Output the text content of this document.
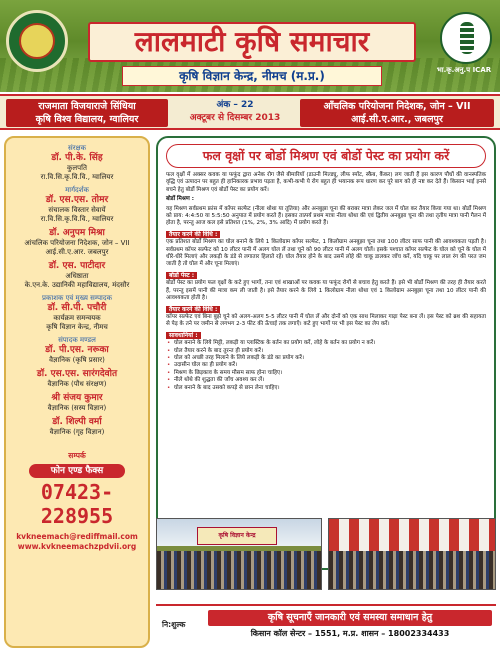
लालमाटी कृषि समाचार
कृषि विज्ञान केन्द्र, नीमच (म.प्र.)	भा.कृ.अनु.प ICAR
राजमाता विजयाराजे सिंधिया
कृषि विश्व विद्यालय, ग्वालियर
अंक – 22
अक्टूबर से दिसम्बर 2013
आँचलिक परियोजना निदेशक, जोन – VII
आई.सी.ए.आर., जबलपुर
संरक्षक
डॉ. पी.के. सिंह
कुलपति
रा.वि.सि.कृ.वि.वि., ग्वालियर
मार्गदर्शक
डॉ. एस.एस. तोमर
संचालक विस्तार सेवायें
रा.वि.सि.कृ.वि.वि., ग्वालियर
डॉ. अनुपम मिश्रा
आंचलिक परियोजना निदेशक, जोन – VII
आई.सी.ए.आर. जबलपुर
डॉ. एस. पाटीदार
अधिष्ठाता
के.एन.के. उद्यानिकी महाविद्यालय, मंदसौर
प्रकाशक एवं मुख्य सम्पादक
डॉ. सी.पी. पचौरी
कार्यक्रम समन्वयक
कृषि विज्ञान केन्द्र, नीमच
संपादक मण्डल
डॉ. पी.एस. नरूका
वैज्ञानिक (कृषि प्रसार)
डॉ. एस.एस. सारंगदेवोत
वैज्ञानिक (पौध संरक्षण)
श्री संजय कुमार
वैज्ञानिक (सस्य विज्ञान)
डॉ. शिल्पी वर्मा
वैज्ञानिक (गृह विज्ञान)
सम्पर्क
फोन एण्ड फैक्स
07423-228955
kvkneemach@rediffmail.com
www.kvkneemachzpdvii.org
फल वृक्षों पर बोर्डो मिश्रण एवं बोर्डो पेस्ट का प्रयोग करें

फल वृक्षों में अक्सर कवक या फफूंद द्वारा अनेक रोग जैसे बीमारियाँ (डाउनी मिल्ड्यू, लीफ स्पॉट, स्कैब, कैंकर) लग जाती हैं इस कारण पौधों की वानस्पतिक वृद्धि एवं उत्पादन पर बहुत ही हानिकारक प्रभाव पड़ता है, कभी-कभी ये रोग बहुत ही भयानक रूप धारण कर पूरे बाग को ही नष्ट कर देते हैं। किसान भाई इनसे बचने हेतु बोर्डो मिश्रण एवं बोर्डो पेस्ट का प्रयोग करें।

बोर्डो मिश्रण :

यह मिश्रण सर्वप्रथम फ्रांस में कॉपर सल्फेट (नीला थोथा या तूतिया) और अनबुझा चूना की बराबर मात्रा लेकर जल में घोल कर तैयार किया गया था। बोर्डो मिश्रण को प्राय: 4:4:50 या 5:5:50 अनुपात में प्रयोग करते हैं। इसका तात्पर्य प्रथम मात्रा नीला थोथा की एवं द्वितीय अनबुझा चूना की तथा तृतीय मात्रा पानी गैलन में होता है, परन्तु आज कल इसे प्रतिशत (1%, 2%, 3% आदि) में प्रयोग करते हैं।

तैयार करने की विधि :

एक प्रतिशत बोर्डो मिश्रण का घोल बनाने के लिये 1 किलोग्राम कॉपर सल्फेट, 1 किलोग्राम अनबुझा चूना तथा 100 लीटर साफ पानी की आवश्यकता पड़ती है। सर्वप्रथम कॉपर सल्फेट को 10 लीटर पानी में अलग घोल लें तथा चूने को 90 लीटर पानी में अलग घोलें। इसके पश्चात कॉपर सल्फेट के घोल को चूने के घोल में धीरे-धीरे मिलाएं और लकड़ी के डंडे से लगातार हिलाते रहें। घोल तैयार होने के बाद उसमें लोहे की चाकू डालकर जाँच करें, यदि चाकू पर लाल रंग की परत जम जाती है तो घोल में और चूना मिलाएं।

बोर्डो पेस्ट :

बोर्डो पेस्ट का प्रयोग फल वृक्षों के कटे हुए भागों, तना एवं शाखाओं पर कवक या फफूंद रोगों से बचाव हेतु करते हैं। इसे भी बोर्डो मिश्रण की तरह ही तैयार करते हैं, परन्तु इसमें पानी की मात्रा कम ली जाती है। इसे तैयार करने के लिये 1 किलोग्राम नीला थोथा एवं 1 किलोग्राम अनबुझा चूना तथा 10 लीटर पानी की आवश्यकता होती है।

तैयार करने की विधि :

कॉपर सल्फेट एवं बिना बुझे चूने को अलग-अलग 5-5 लीटर पानी में घोल लें और दोनों को एक साथ मिलाकर गाढ़ा पेस्ट बना लें। इस पेस्ट को ब्रश की सहायता से पेड़ के तने पर जमीन से लगभग 2-3 फीट की ऊँचाई तक लगाएँ। कटे हुए भागों पर भी इस पेस्ट का लेप करें।

सावधानियां :
• घोल बनाने के लिये मिट्टी, लकड़ी या प्लास्टिक के बर्तन का प्रयोग करें, लोहे के बर्तन का प्रयोग न करें।
• घोल तैयार करने के बाद तुरन्त ही प्रयोग करें।
• घोल को अच्छी तरह मिलाने के लिये लकड़ी के डंडे का प्रयोग करें।
• उदासीन घोल का ही प्रयोग करें।
• मिश्रण के छिड़काव के समय मौसम साफ होना चाहिए।
• नीले थोथे की शुद्धता की जाँच अवश्य कर लें।
• घोल बनाने के बाद उसको कपड़े से छान लेना चाहिए।
कृषि विज्ञान केन्द्र
नि:शुल्क
कृषि सूचनाएँ जानकारी एवं समस्या समाधान हेतु
किसान कॉल सेन्टर – 1551, म.प्र. शासन – 18002334433
